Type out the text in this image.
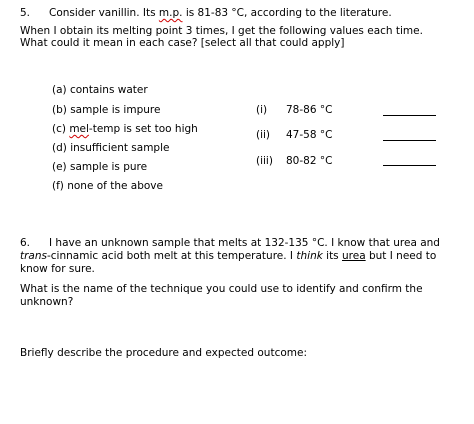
5. Consider vanillin. Its m.p. is 81-83 °C, according to the literature.
When I obtain its melting point 3 times, I get the following values each time.
What could it mean in each case? [select all that could apply]
(a) contains water
(b) sample is impure
(c) mel-temp is set too high
(d) insufficient sample
(e) sample is pure
(f) none of the above
(i) 78-86 °C
(ii) 47-58 °C
(iii) 80-82 °C
6. I have an unknown sample that melts at 132-135 °C. I know that urea and
trans-cinnamic acid both melt at this temperature. I think its urea but I need to
know for sure.
What is the name of the technique you could use to identify and confirm the
unknown?
Briefly describe the procedure and expected outcome:
